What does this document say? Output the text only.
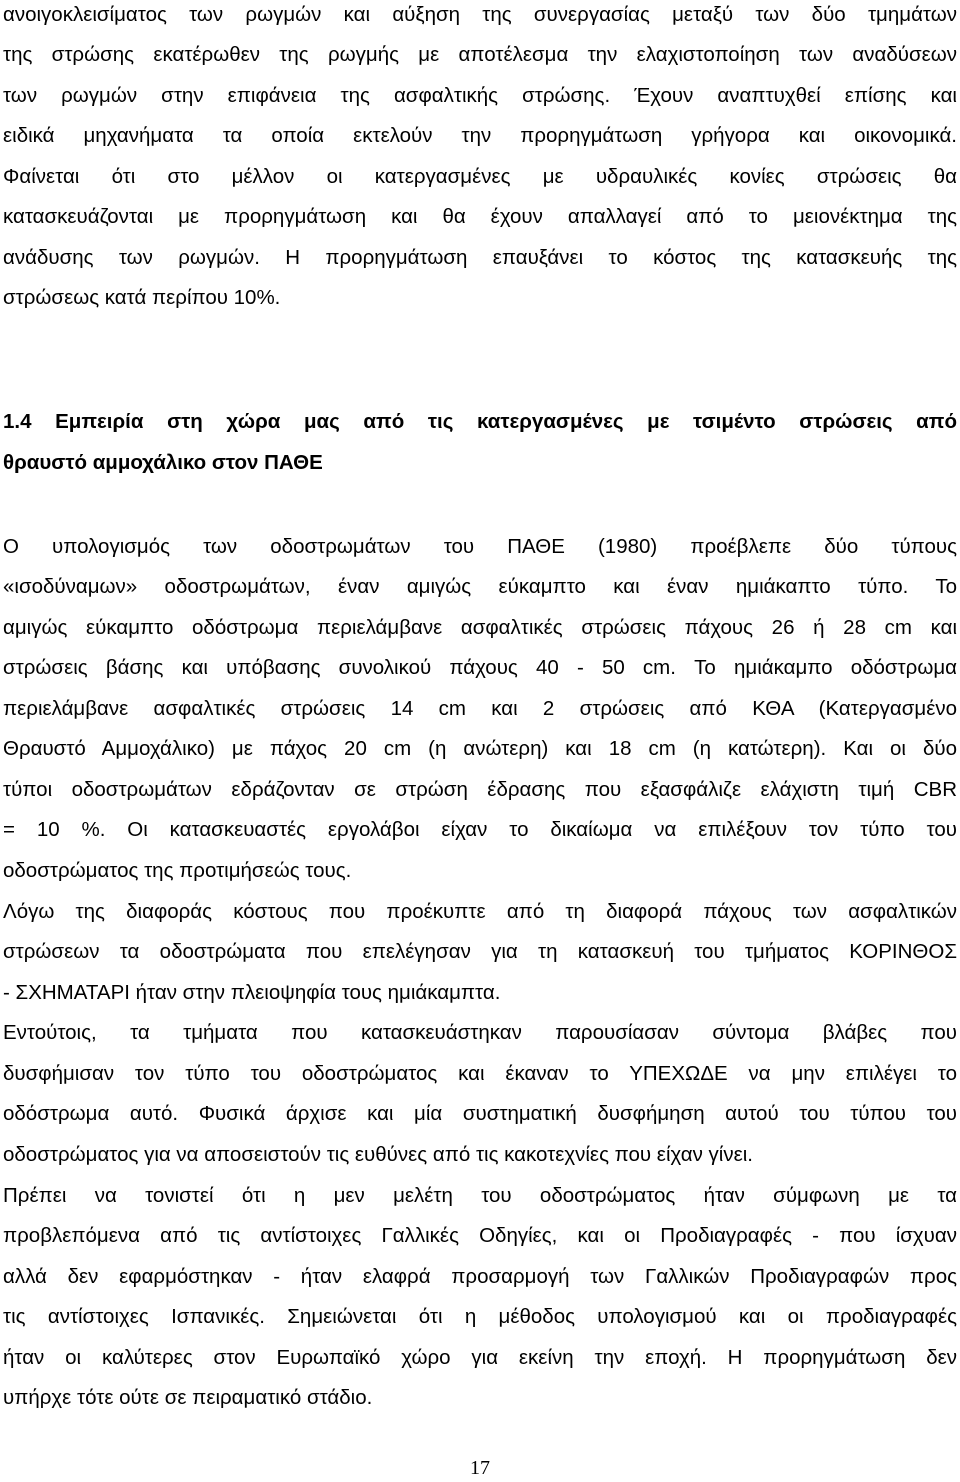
ανοιγοκλεισίματος των ρωγμών και αύξηση της συνεργασίας μεταξύ των δύο τμημάτων
της στρώσης εκατέρωθεν της ρωγμής με αποτέλεσμα την ελαχιστοποίηση των αναδύσεων
των ρωγμών στην επιφάνεια της ασφαλτικής στρώσης. Έχουν αναπτυχθεί επίσης και
ειδικά μηχανήματα τα οποία εκτελούν την προρηγμάτωση γρήγορα και οικονομικά.
Φαίνεται ότι στο μέλλον οι κατεργασμένες με υδραυλικές κονίες στρώσεις θα
κατασκευάζονται με προρηγμάτωση και θα έχουν απαλλαγεί από το μειονέκτημα της
ανάδυσης των ρωγμών. Η προρηγμάτωση επαυξάνει το κόστος της κατασκευής της
στρώσεως κατά περίπου 10%.
1.4 Εμπειρία στη χώρα μας από τις κατεργασμένες με τσιμέντο στρώσεις από
θραυστό αμμοχάλικο στον ΠΑΘΕ
Ο υπολογισμός των οδοστρωμάτων του ΠΑΘΕ (1980) προέβλεπε δύο τύπους
«ισοδύναμων» οδοστρωμάτων, έναν αμιγώς εύκαμπτο και έναν ημιάκαπτο τύπο. Το
αμιγώς εύκαμπτο οδόστρωμα περιελάμβανε ασφαλτικές στρώσεις πάχους 26 ή 28 cm και
στρώσεις βάσης και υπόβασης συνολικού πάχους 40 - 50 cm. Το ημιάκαμπο οδόστρωμα
περιελάμβανε ασφαλτικές στρώσεις 14 cm και 2 στρώσεις από ΚΘΑ (Κατεργασμένο
Θραυστό Αμμοχάλικο) με πάχος 20 cm (η ανώτερη) και 18 cm (η κατώτερη). Και οι δύο
τύποι οδοστρωμάτων εδράζονταν σε στρώση έδρασης που εξασφάλιζε ελάχιστη τιμή CBR
= 10 %. Οι κατασκευαστές εργολάβοι είχαν το δικαίωμα να επιλέξουν τον τύπο του
οδοστρώματος της προτιμήσεώς τους.
Λόγω της διαφοράς κόστους που προέκυπτε από τη διαφορά πάχους των ασφαλτικών
στρώσεων τα οδοστρώματα που επελέγησαν για τη κατασκευή του τμήματος ΚΟΡΙΝΘΟΣ
- ΣΧΗΜΑΤΑΡΙ ήταν στην πλειοψηφία τους ημιάκαμπτα.
Εντούτοις, τα τμήματα που κατασκευάστηκαν παρουσίασαν σύντομα βλάβες που
δυσφήμισαν τον τύπο του οδοστρώματος και έκαναν το ΥΠΕΧΩΔΕ να μην επιλέγει το
οδόστρωμα αυτό. Φυσικά άρχισε και μία συστηματική δυσφήμηση αυτού του τύπου του
οδοστρώματος για να αποσειστούν τις ευθύνες από τις κακοτεχνίες που είχαν γίνει.
Πρέπει να τονιστεί ότι η μεν μελέτη του οδοστρώματος ήταν σύμφωνη με τα
προβλεπόμενα από τις αντίστοιχες Γαλλικές Οδηγίες, και οι Προδιαγραφές - που ίσχυαν
αλλά δεν εφαρμόστηκαν - ήταν ελαφρά προσαρμογή των Γαλλικών Προδιαγραφών προς
τις αντίστοιχες Ισπανικές. Σημειώνεται ότι η μέθοδος υπολογισμού και οι προδιαγραφές
ήταν οι καλύτερες στον Ευρωπαϊκό χώρο για εκείνη την εποχή. Η προρηγμάτωση δεν
υπήρχε τότε ούτε σε πειραματικό στάδιο.
17
